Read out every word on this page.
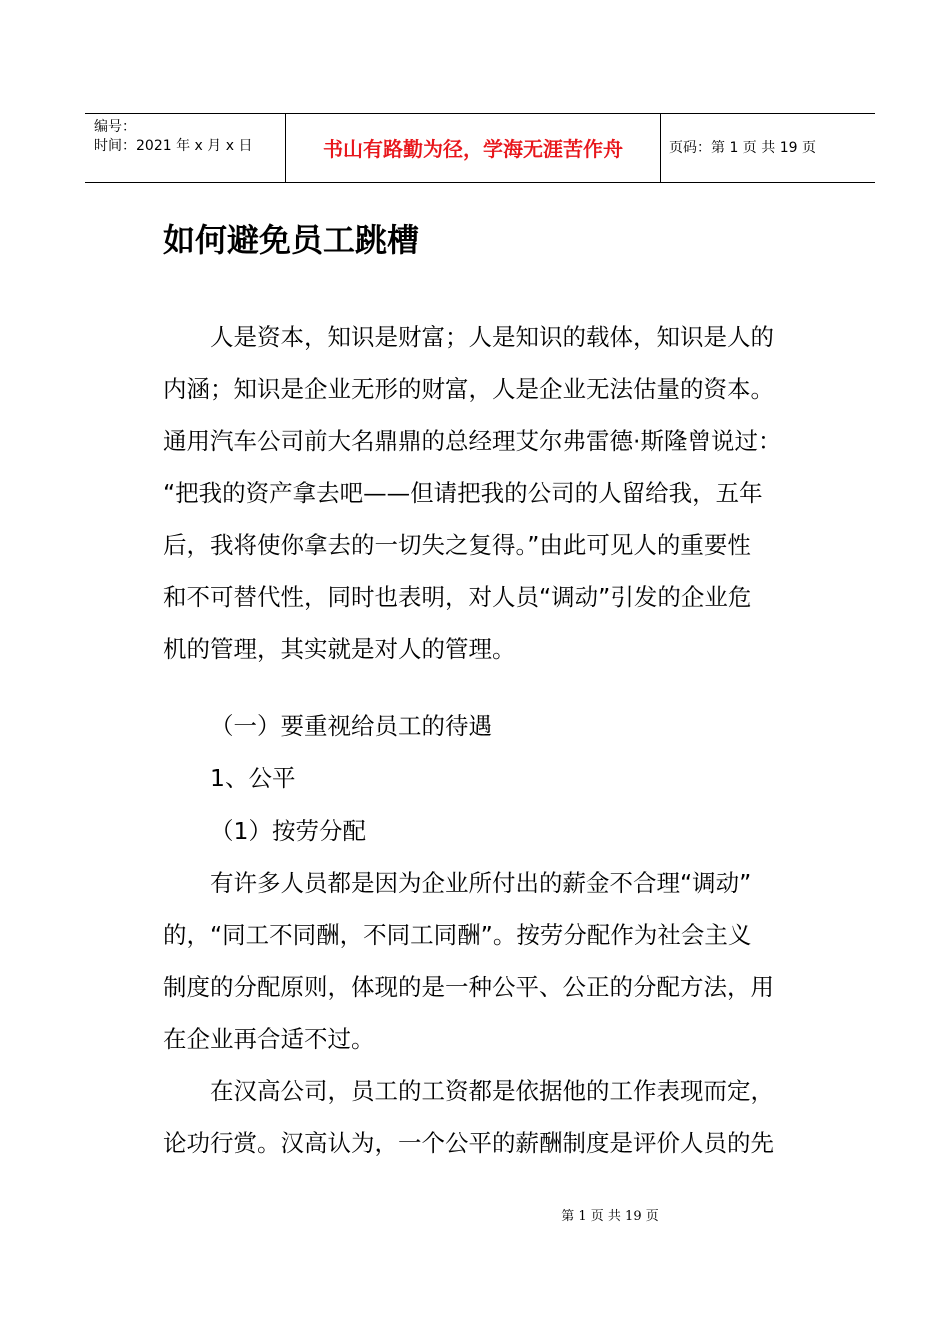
编号：
时间：2021 年 x 月 x 日	书山有路勤为径，学海无涯苦作舟	页码：第 1 页 共 19 页
如何避免员工跳槽
人是资本，知识是财富；人是知识的载体，知识是人的
内涵；知识是企业无形的财富，人是企业无法估量的资本。
通用汽车公司前大名鼎鼎的总经理艾尔弗雷德·斯隆曾说过：
“把我的资产拿去吧——但请把我的公司的人留给我，五年
后，我将使你拿去的一切失之复得。”由此可见人的重要性
和不可替代性，同时也表明，对人员“调动”引发的企业危
机的管理，其实就是对人的管理。
（一）要重视给员工的待遇
1、公平
（1）按劳分配
有许多人员都是因为企业所付出的薪金不合理“调动”
的，“同工不同酬，不同工同酬”。按劳分配作为社会主义
制度的分配原则，体现的是一种公平、公正的分配方法，用
在企业再合适不过。
在汉高公司，员工的工资都是依据他的工作表现而定，
论功行赏。汉高认为，一个公平的薪酬制度是评价人员的先
第 1 页 共 19 页
